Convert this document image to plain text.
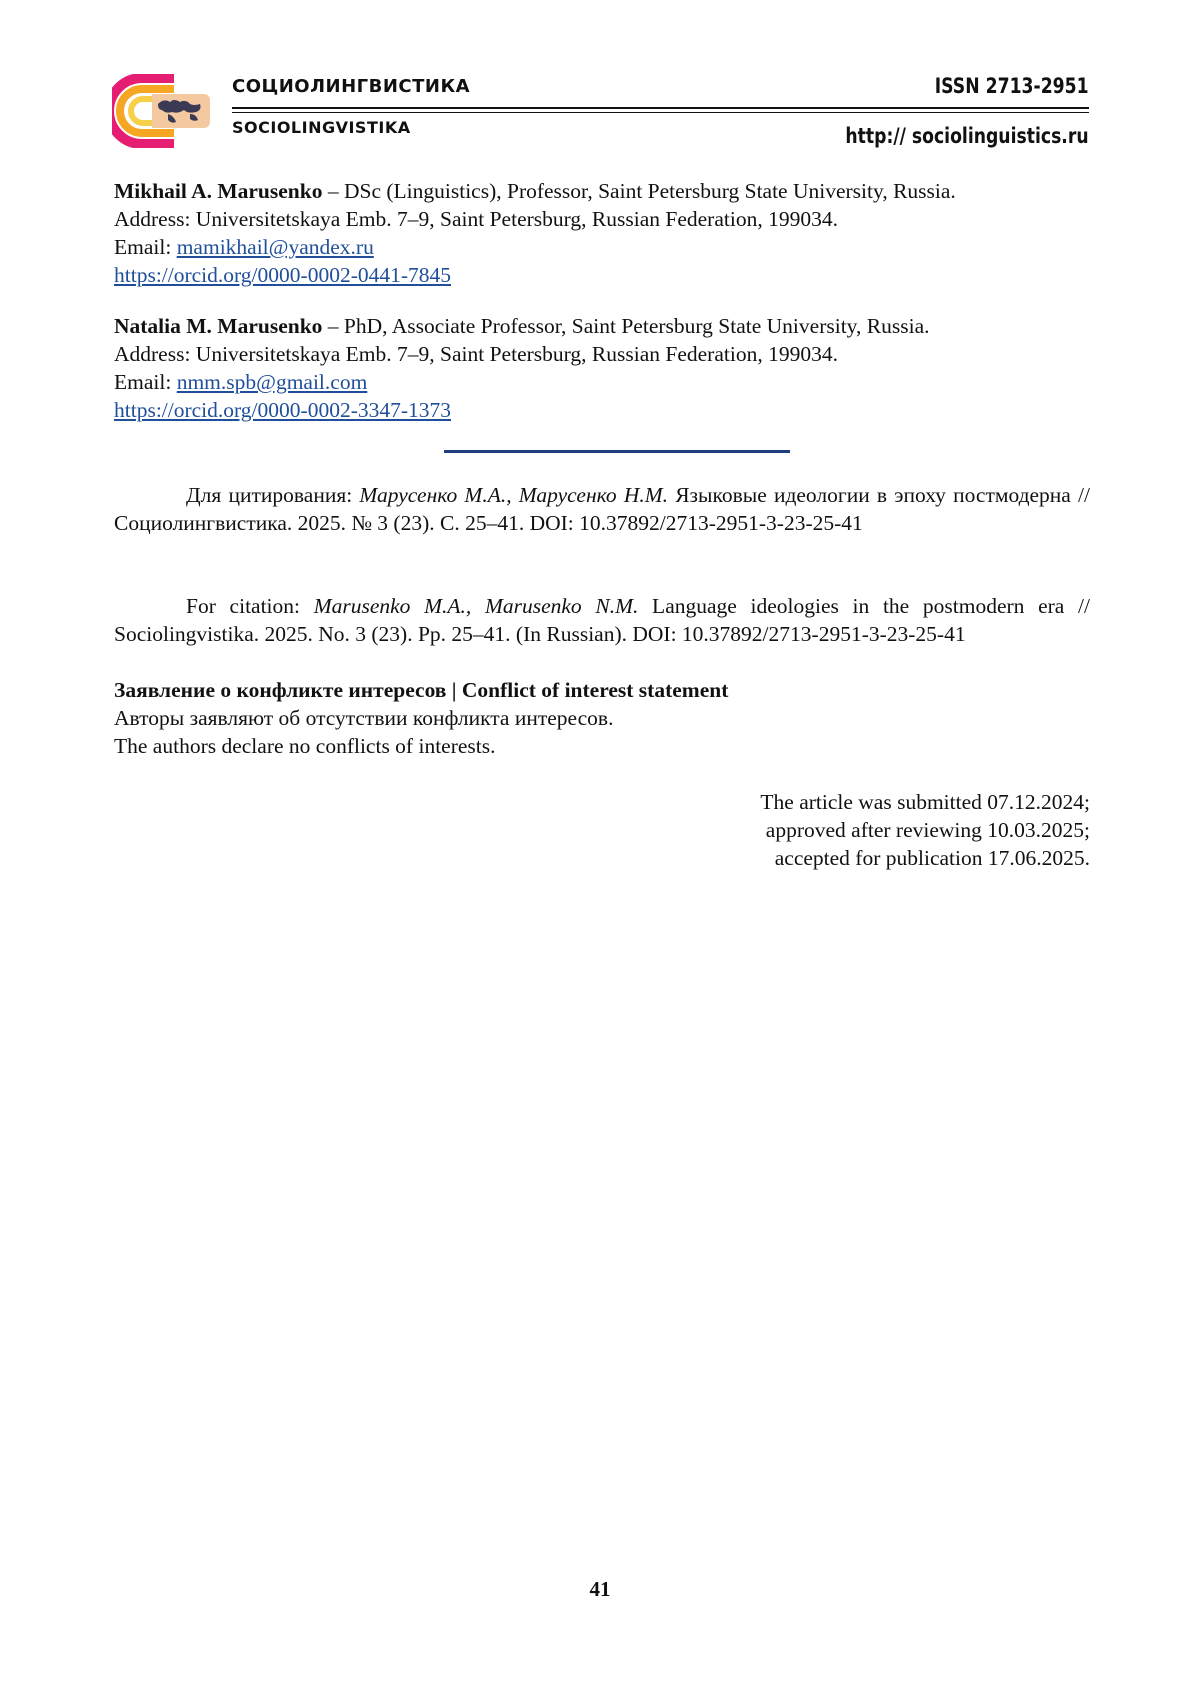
СОЦИОЛИНГВИСТИКА
SOCIOLINGVISTIKA
ISSN 2713-2951
http:// sociolinguistics.ru
Mikhail A. Marusenko – DSc (Linguistics), Professor, Saint Petersburg State University, Russia.
Address: Universitetskaya Emb. 7–9, Saint Petersburg, Russian Federation, 199034.
Email: mamikhail@yandex.ru
https://orcid.org/0000-0002-0441-7845
Natalia M. Marusenko – PhD, Associate Professor, Saint Petersburg State University, Russia.
Address: Universitetskaya Emb. 7–9, Saint Petersburg, Russian Federation, 199034.
Email: nmm.spb@gmail.com
https://orcid.org/0000-0002-3347-1373
Для цитирования: Марусенко М.А., Марусенко Н.М. Языковые идеологии в эпоху постмодерна // Социолингвистика. 2025. № 3 (23). С. 25–41. DOI: 10.37892/2713-2951-3-23-25-41
For citation: Marusenko M.A., Marusenko N.M. Language ideologies in the postmodern era // Sociolingvistika. 2025. No. 3 (23). Pp. 25–41. (In Russian). DOI: 10.37892/2713-2951-3-23-25-41
Заявление о конфликте интересов | Conflict of interest statement
Авторы заявляют об отсутствии конфликта интересов.
The authors declare no conflicts of interests.
The article was submitted 07.12.2024;
approved after reviewing 10.03.2025;
accepted for publication 17.06.2025.
41
